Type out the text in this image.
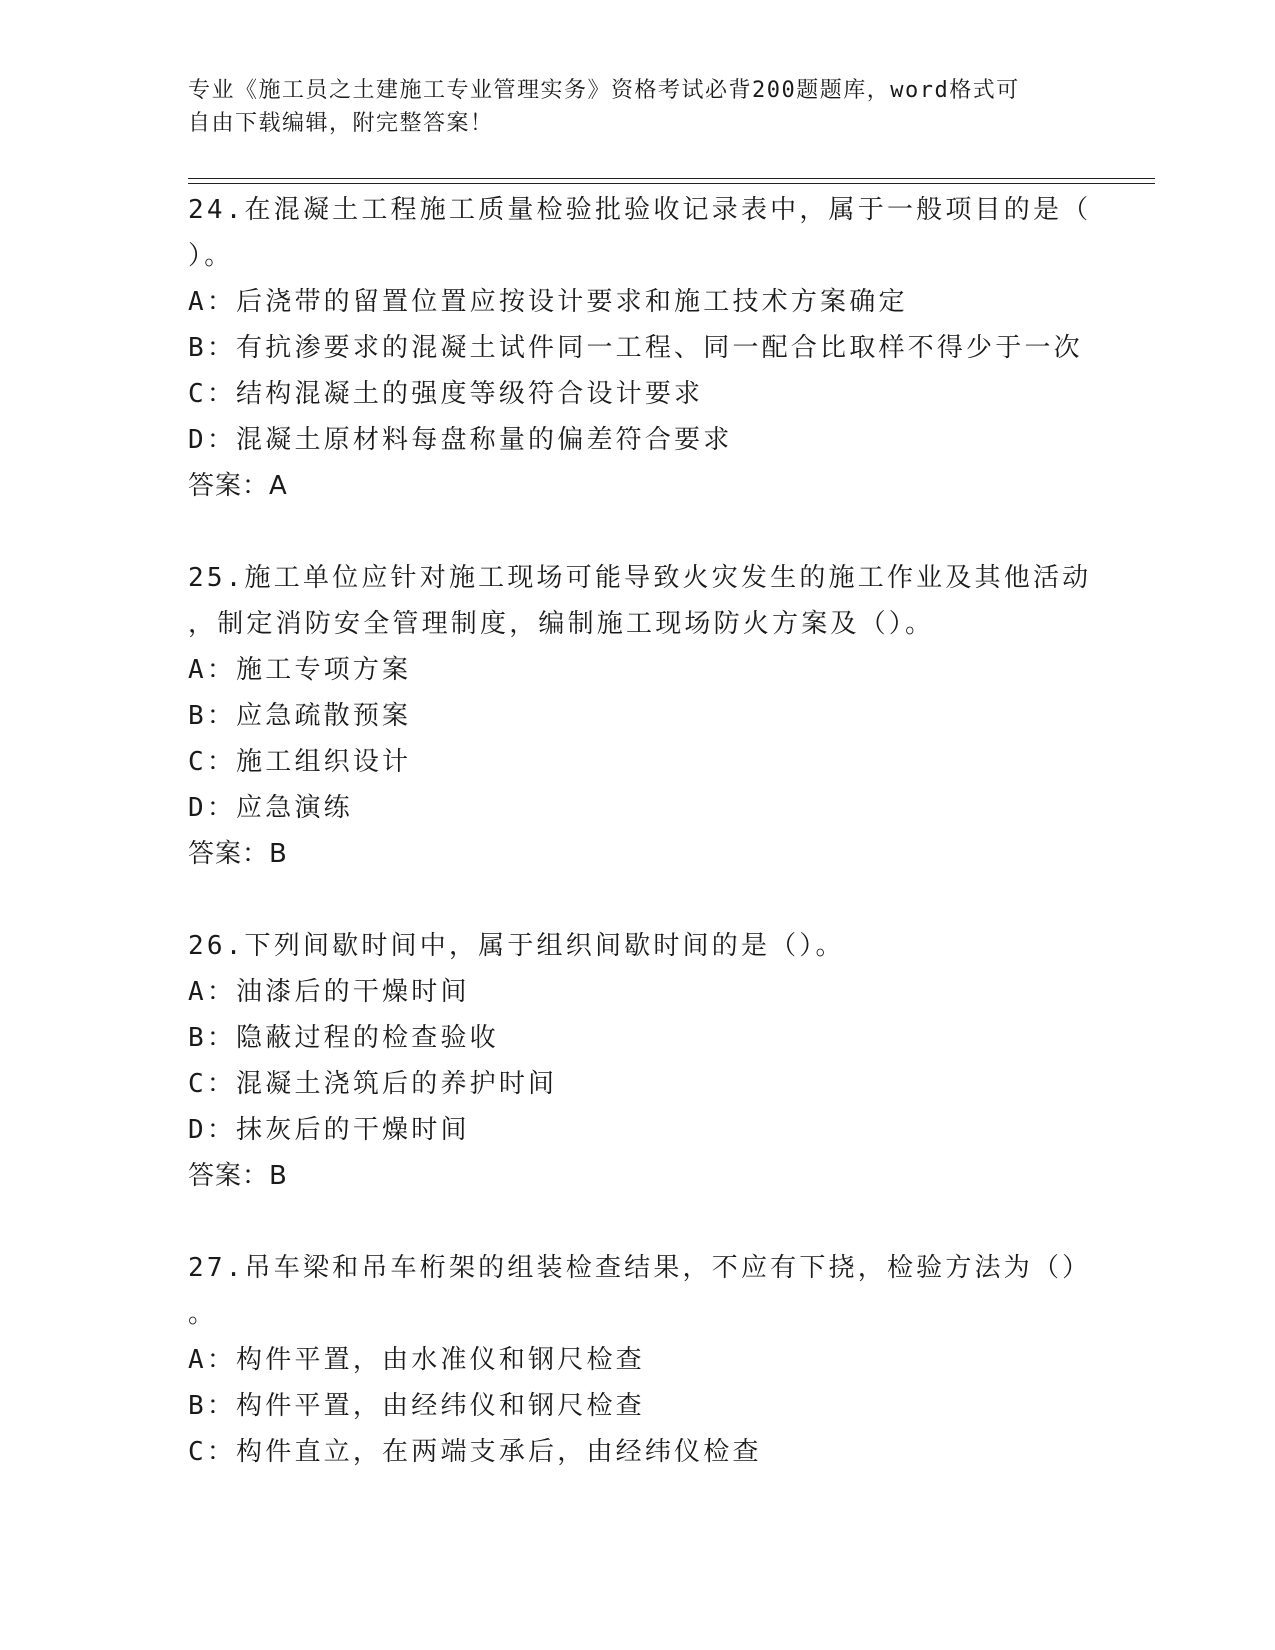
专业《施工员之土建施工专业管理实务》资格考试必背200题题库，word格式可
自由下载编辑，附完整答案！
24.在混凝土工程施工质量检验批验收记录表中，属于一般项目的是（
）。
A：后浇带的留置位置应按设计要求和施工技术方案确定
B：有抗渗要求的混凝土试件同一工程、同一配合比取样不得少于一次
C：结构混凝土的强度等级符合设计要求
D：混凝土原材料每盘称量的偏差符合要求
答案：A
25.施工单位应针对施工现场可能导致火灾发生的施工作业及其他活动
，制定消防安全管理制度，编制施工现场防火方案及（）。
A：施工专项方案
B：应急疏散预案
C：施工组织设计
D：应急演练
答案：B
26.下列间歇时间中，属于组织间歇时间的是（）。
A：油漆后的干燥时间
B：隐蔽过程的检查验收
C：混凝土浇筑后的养护时间
D：抹灰后的干燥时间
答案：B
27.吊车梁和吊车桁架的组装检查结果，不应有下挠，检验方法为（）
。
A：构件平置，由水准仪和钢尺检查
B：构件平置，由经纬仪和钢尺检查
C：构件直立，在两端支承后，由经纬仪检查
